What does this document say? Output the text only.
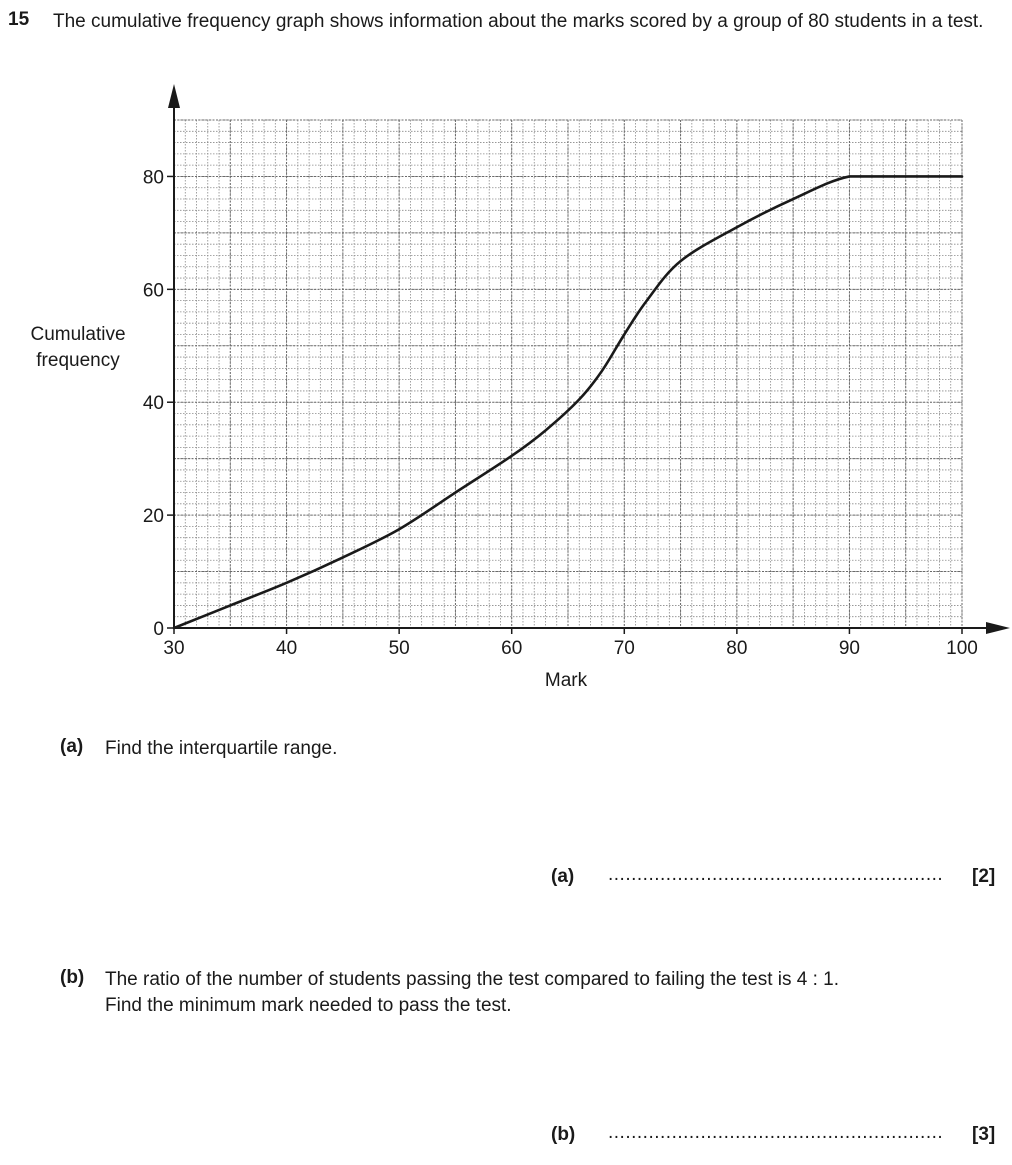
15 The cumulative frequency graph shows information about the marks scored by a group of 80 students in a test.
30	40	50	60	70	80	90	100
0
20
40
60
80
Mark
Cumulative frequency
(a) Find the interquartile range.
(a) ..........................................................	[2]
(b) The ratio of the number of students passing the test compared to failing the test is 4 : 1.
Find the minimum mark needed to pass the test.
(b) ..........................................................	[3]
